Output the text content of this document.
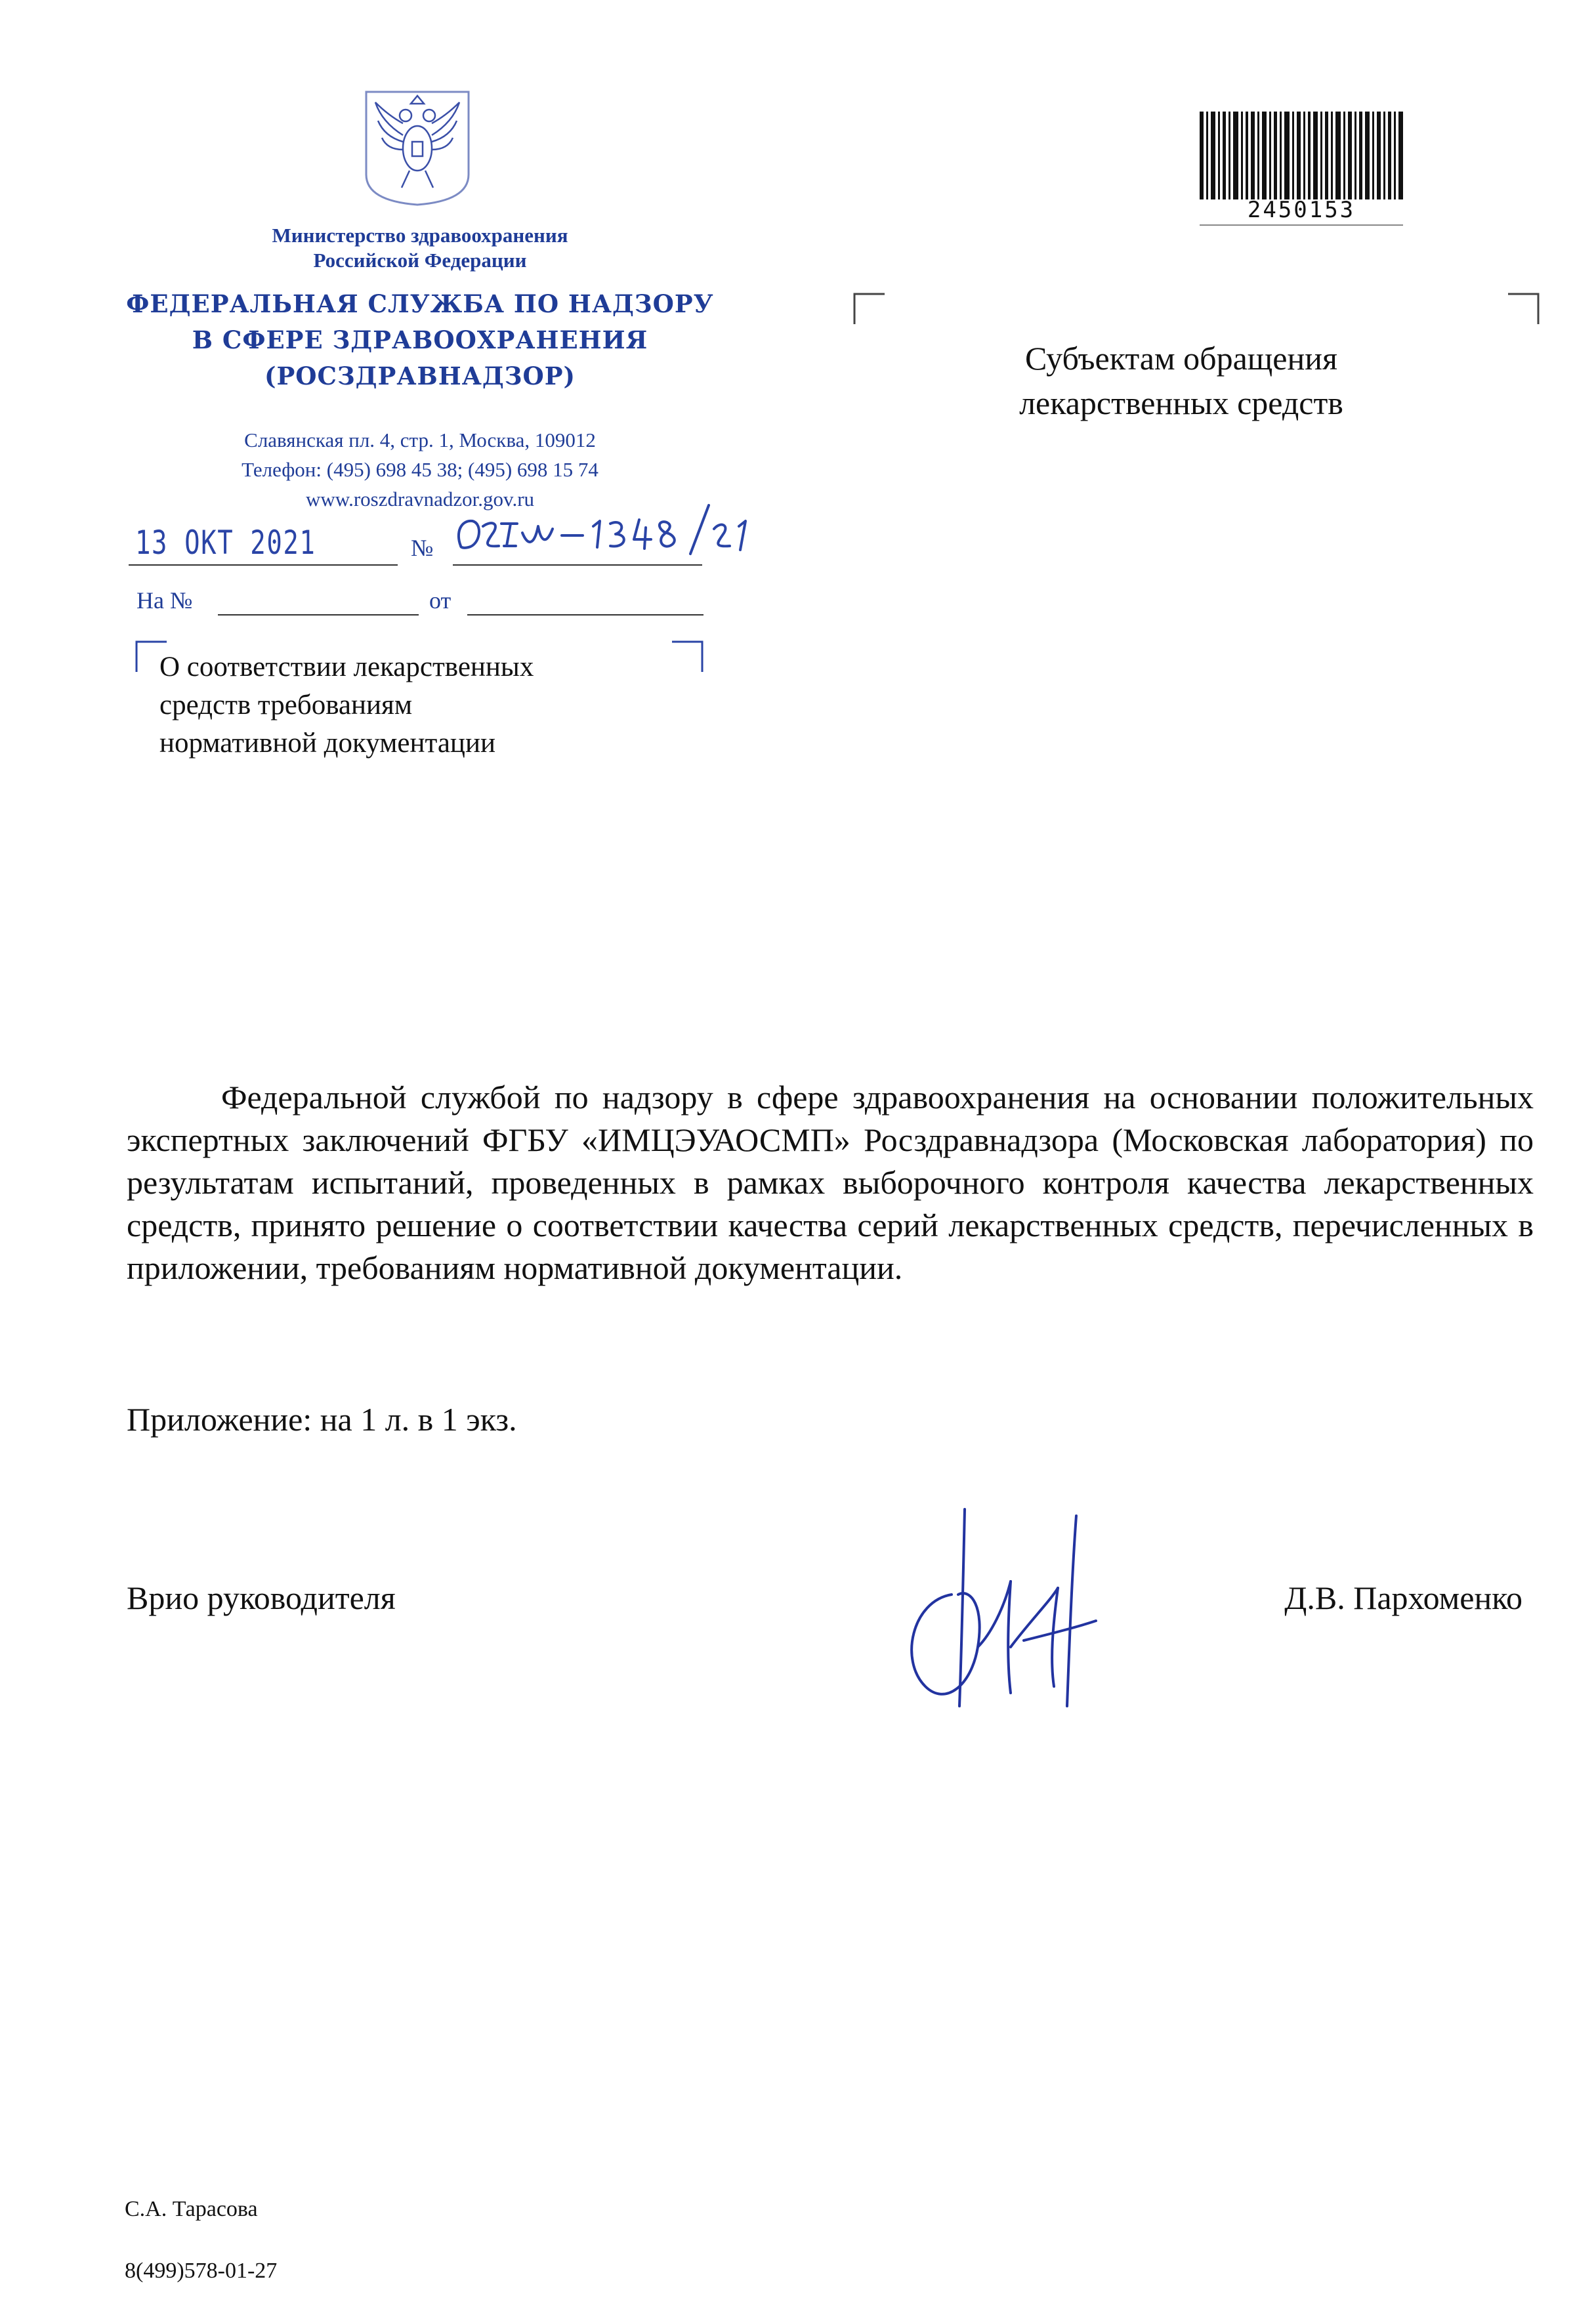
Министерство здравоохранения
Российской Федерации
ФЕДЕРАЛЬНАЯ СЛУЖБА ПО НАДЗОРУ
В СФЕРЕ ЗДРАВООХРАНЕНИЯ
(РОСЗДРАВНАДЗОР)
Славянская пл. 4, стр. 1, Москва, 109012
Телефон: (495) 698 45 38; (495) 698 15 74
www.roszdravnadzor.gov.ru
13 ОКТ 2021	№
На №	от
О соответствии лекарственных
средств требованиям
нормативной документации
2450153
Субъектам обращения
лекарственных средств
Федеральной службой по надзору в сфере здравоохранения на основании положительных экспертных заключений ФГБУ «ИМЦЭУАОСМП» Росздравнадзора (Московская лаборатория) по результатам испытаний, проведенных в рамках выборочного контроля качества лекарственных средств, принято решение о соответствии качества серий лекарственных средств, перечисленных в приложении, требованиям нормативной документации.
Приложение: на 1 л. в 1 экз.
Врио руководителя	Д.В. Пархоменко

С.А. Тарасова

8(499)578-01-27
